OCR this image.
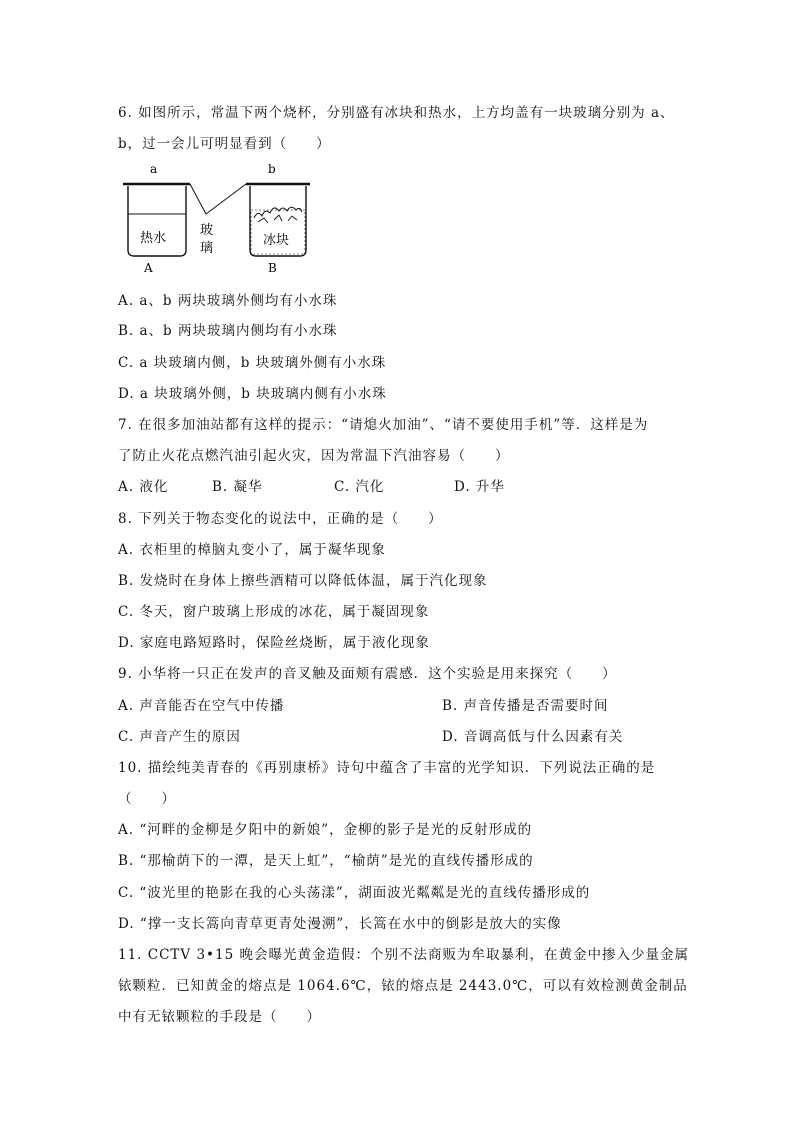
6. 如图所示，常温下两个烧杯，分别盛有冰块和热水，上方均盖有一块玻璃分别为 a、
b，过一会儿可明显看到（　　）
a	b
热水
玻
璃
冰块
A	B
A. a、b 两块玻璃外侧均有小水珠
B. a、b 两块玻璃内侧均有小水珠
C. a 块玻璃内侧，b 块玻璃外侧有小水珠
D. a 块玻璃外侧，b 块玻璃内侧有小水珠
7. 在很多加油站都有这样的提示：“请熄火加油”、“请不要使用手机”等．这样是为
了防止火花点燃汽油引起火灾，因为常温下汽油容易（　　）
A. 液化	B. 凝华	C. 汽化	D. 升华
8. 下列关于物态变化的说法中，正确的是（　　）
A. 衣柜里的樟脑丸变小了，属于凝华现象
B. 发烧时在身体上擦些酒精可以降低体温，属于汽化现象
C. 冬天，窗户玻璃上形成的冰花，属于凝固现象
D. 家庭电路短路时，保险丝烧断，属于液化现象
9. 小华将一只正在发声的音叉触及面颊有震感．这个实验是用来探究（　　）
A. 声音能否在空气中传播	B. 声音传播是否需要时间
C. 声音产生的原因	D. 音调高低与什么因素有关
10. 描绘纯美青春的《再别康桥》诗句中蕴含了丰富的光学知识．下列说法正确的是
（　　）
A. “河畔的金柳是夕阳中的新娘”，金柳的影子是光的反射形成的
B. “那榆荫下的一潭，是天上虹”，“榆荫”是光的直线传播形成的
C. “波光里的艳影在我的心头荡漾”，湖面波光粼粼是光的直线传播形成的
D. “撑一支长篙向青草更青处漫溯”，长篙在水中的倒影是放大的实像
11. CCTV 3•15 晚会曝光黄金造假：个别不法商贩为牟取暴利，在黄金中掺入少量金属
铱颗粒．已知黄金的熔点是 1064.6℃，铱的熔点是 2443.0℃，可以有效检测黄金制品
中有无铱颗粒的手段是（　　）
